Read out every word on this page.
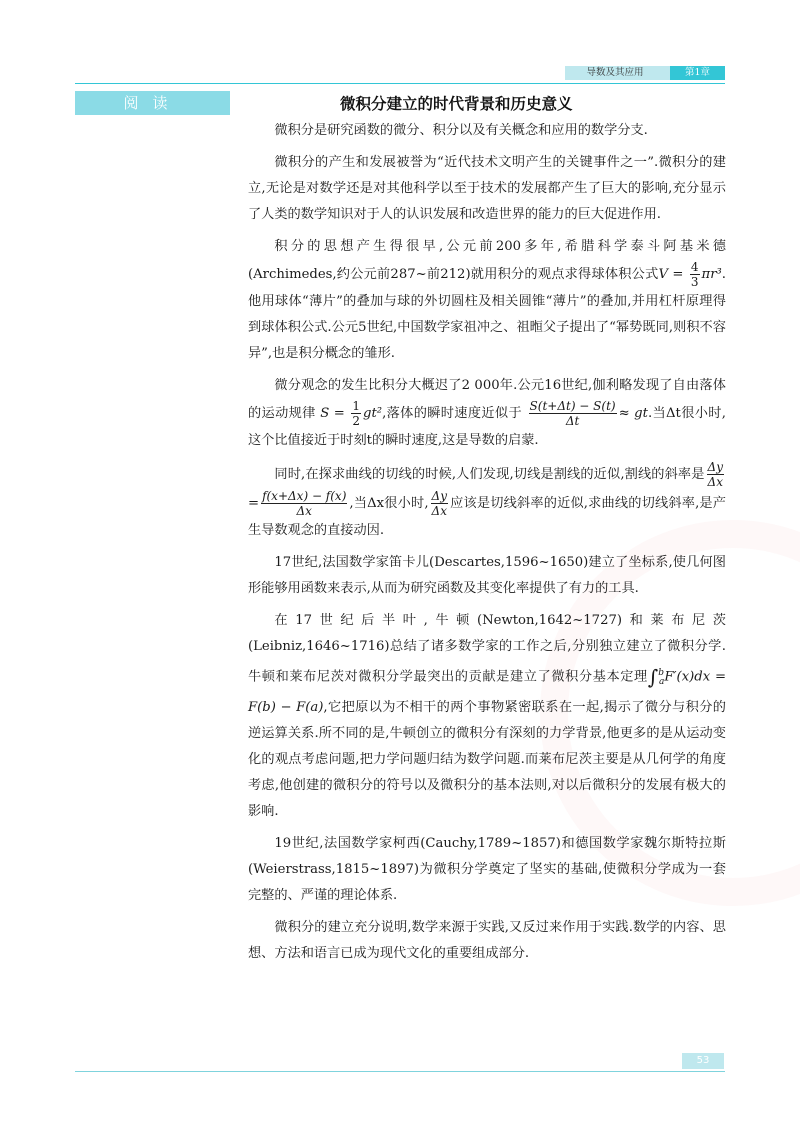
导数及其应用	第1章
阅读	微积分建立的时代背景和历史意义

微积分是研究函数的微分、积分以及有关概念和应用的数学分支.

微积分的产生和发展被誉为“近代技术文明产生的关键事件之一”.微积分的建立,无论是对数学还是对其他科学以至于技术的发展都产生了巨大的影响,充分显示了人类的数学知识对于人的认识发展和改造世界的能力的巨大促进作用.

积分的思想产生得很早,公元前200多年,希腊科学泰斗阿基米德(Archimedes,约公元前287~前212)就用积分的观点求得球体积公式$V = \frac{4}{3} \pi r^3$.他用球体“薄片”的叠加与球的外切圆柱及相关圆锥“薄片”的叠加,并用杠杆原理得到球体积公式.公元5世纪,中国数学家祖冲之、祖暅父子提出了“幂势既同,则积不容异”,也是积分概念的雏形.

微分观念的发生比积分大概迟了2 000年.公元16世纪,伽利略发现了自由落体的运动规律 $S = \frac{1}{2} gt^2$,落体的瞬时速度近似于 $\frac{S(t+\Delta t) - S(t)}{\Delta t}$ ≈ gt.当Δt很小时,这个比值接近于时刻t的瞬时速度,这是导数的启蒙.

同时,在探求曲线的切线的时候,人们发现,切线是割线的近似,割线的斜率是 $\frac{\Delta y}{\Delta x}$
= $\frac{f(x+\Delta x) - f(x)}{\Delta x}$ ,当Δx很小时, $\frac{\Delta y}{\Delta x}$ 应该是切线斜率的近似,求曲线的切线斜率,是产生导数观念的直接动因.

17世纪,法国数学家笛卡儿(Descartes,1596~1650)建立了坐标系,使几何图形能够用函数来表示,从而为研究函数及其变化率提供了有力的工具.

在17世纪后半叶,牛顿(Newton,1642~1727)和莱布尼茨(Leibniz,1646~1716)总结了诸多数学家的工作之后,分别独立建立了微积分学.牛顿和莱布尼茨对微积分学最突出的贡献是建立了微积分基本定理∫$^b_a$F′(x)dx = F(b) − F(a),它把原以为不相干的两个事物紧密联系在一起,揭示了微分与积分的逆运算关系.所不同的是,牛顿创立的微积分有深刻的力学背景,他更多的是从运动变化的观点考虑问题,把力学问题归结为数学问题.而莱布尼茨主要是从几何学的角度考虑,他创建的微积分的符号以及微积分的基本法则,对以后微积分的发展有极大的影响.

19世纪,法国数学家柯西(Cauchy,1789~1857)和德国数学家魏尔斯特拉斯(Weierstrass,1815~1897)为微积分学奠定了坚实的基础,使微积分学成为一套完整的、严谨的理论体系.

微积分的建立充分说明,数学来源于实践,又反过来作用于实践.数学的内容、思想、方法和语言已成为现代文化的重要组成部分.

53
